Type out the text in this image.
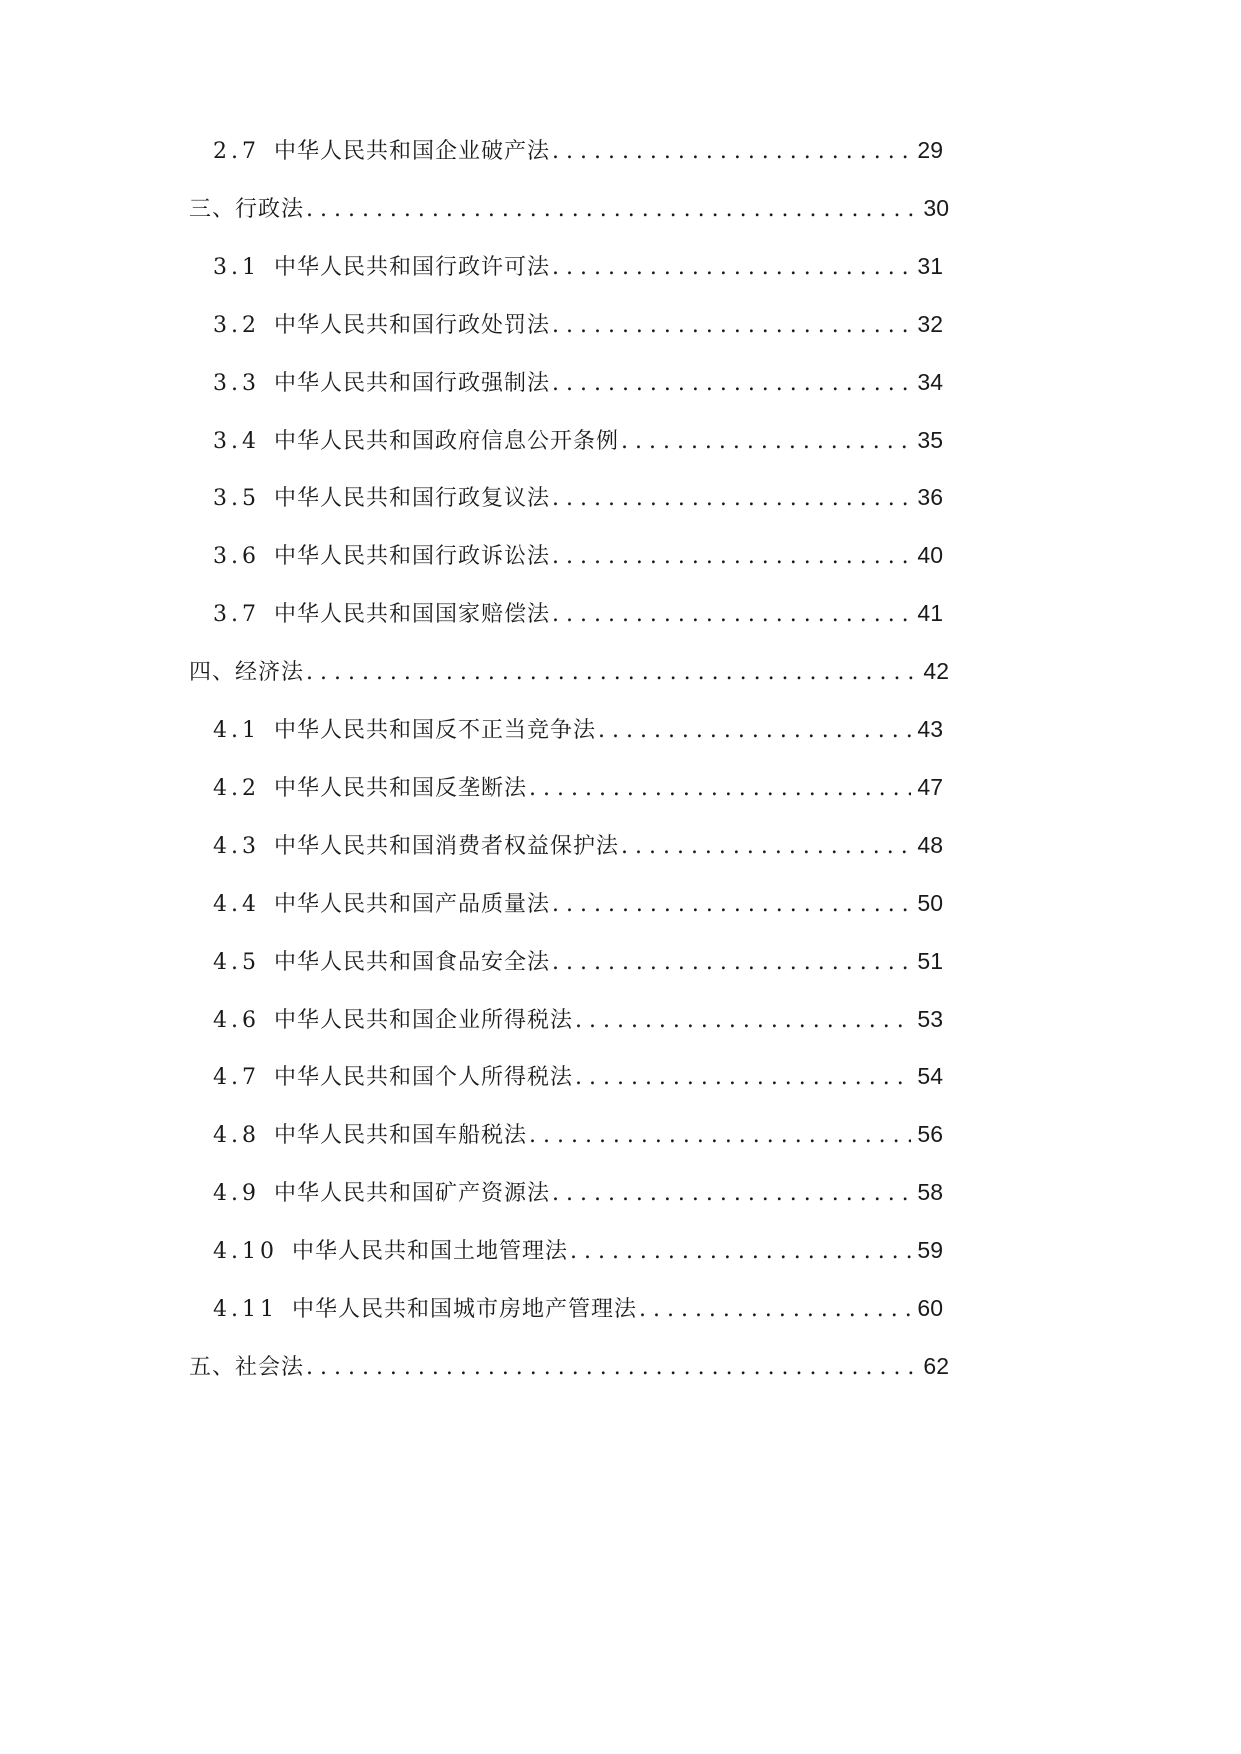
2.7 中华人民共和国企业破产法 . . .	29
三、行政法 . . .	30
3.1 中华人民共和国行政许可法 . . .	31
3.2 中华人民共和国行政处罚法 . . .	32
3.3 中华人民共和国行政强制法 . . .	34
3.4 中华人民共和国政府信息公开条例 . . .	35
3.5 中华人民共和国行政复议法 . . .	36
3.6 中华人民共和国行政诉讼法 . . .	40
3.7 中华人民共和国国家赔偿法 . . .	41
四、经济法 . . .	42
4.1 中华人民共和国反不正当竞争法 . . .	43
4.2 中华人民共和国反垄断法 . . .	47
4.3 中华人民共和国消费者权益保护法 . . .	48
4.4 中华人民共和国产品质量法 . . .	50
4.5 中华人民共和国食品安全法 . . .	51
4.6 中华人民共和国企业所得税法 . . .	53
4.7 中华人民共和国个人所得税法 . . .	54
4.8 中华人民共和国车船税法 . . .	56
4.9 中华人民共和国矿产资源法 . . .	58
4.10 中华人民共和国土地管理法 . . .	59
4.11 中华人民共和国城市房地产管理法 . . .	60
五、社会法 . . .	62
